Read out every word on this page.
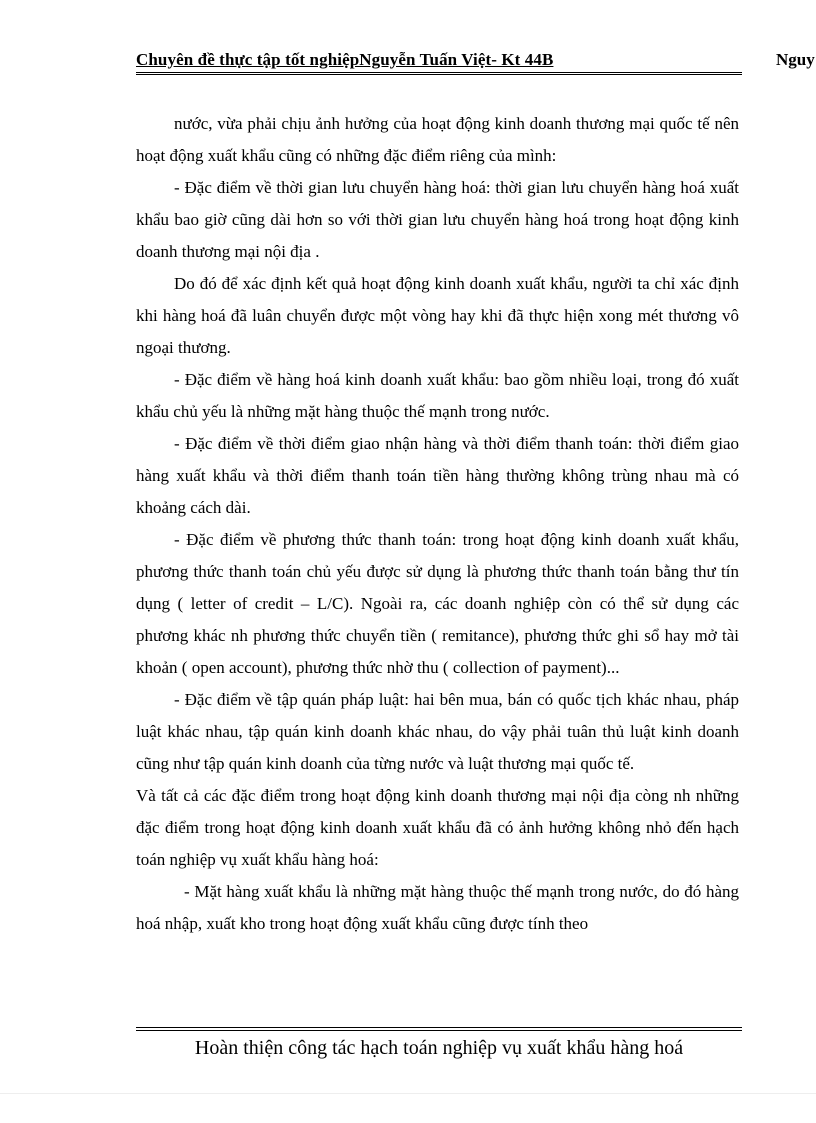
Chuyên đề thực tập tốt nghiệpNguyễn Tuấn Việt- Kt 44B	Nguy

nước, vừa phải chịu ảnh hưởng của hoạt động kinh doanh thương mại quốc tế nên hoạt động xuất khẩu cũng có những đặc điểm riêng của mình:

- Đặc điểm về thời gian lưu chuyển hàng hoá: thời gian lưu chuyển hàng hoá xuất khẩu bao giờ cũng dài hơn so với thời gian lưu chuyển hàng hoá trong hoạt động kinh doanh thương mại nội địa .

Do đó để xác định kết quả hoạt động kinh doanh xuất khẩu, người ta chỉ xác định khi hàng hoá đã luân chuyển được một vòng hay khi đã thực hiện xong mét thương vô ngoại thương.

- Đặc điểm về hàng hoá kinh doanh xuất khẩu: bao gồm nhiều loại, trong đó xuất khẩu chủ yếu là những mặt hàng thuộc thế mạnh trong nước.

- Đặc điểm về thời điểm giao nhận hàng và thời điểm thanh toán: thời điểm giao hàng xuất khẩu và thời điểm thanh toán tiền hàng thường không trùng nhau mà có khoảng cách dài.

- Đặc điểm về phương thức thanh toán: trong hoạt động kinh doanh xuất khẩu, phương thức thanh toán chủ yếu được sử dụng là phương thức thanh toán bằng thư tín dụng ( letter of credit – L/C). Ngoài ra, các doanh nghiệp còn có thể sử dụng các phương khác nh phương thức chuyển tiền ( remitance), phương thức ghi sổ hay mở tài khoản ( open account), phương thức nhờ thu ( collection of payment)...

- Đặc điểm về tập quán pháp luật: hai bên mua, bán có quốc tịch khác nhau, pháp luật khác nhau, tập quán kinh doanh khác nhau, do vậy phải tuân thủ luật kinh doanh cũng như tập quán kinh doanh của từng nước và luật thương mại quốc tế.

Và tất cả các đặc điểm trong hoạt động kinh doanh thương mại nội địa còng nh những đặc điểm trong hoạt động kinh doanh xuất khẩu đã có ảnh hưởng không nhỏ đến hạch toán nghiệp vụ xuất khẩu hàng hoá:

- Mặt hàng xuất khẩu là những mặt hàng thuộc thế mạnh trong nước, do đó hàng hoá nhập, xuất kho trong hoạt động xuất khẩu cũng được tính theo

Hoàn thiện công tác hạch toán nghiệp vụ xuất khẩu hàng hoá
